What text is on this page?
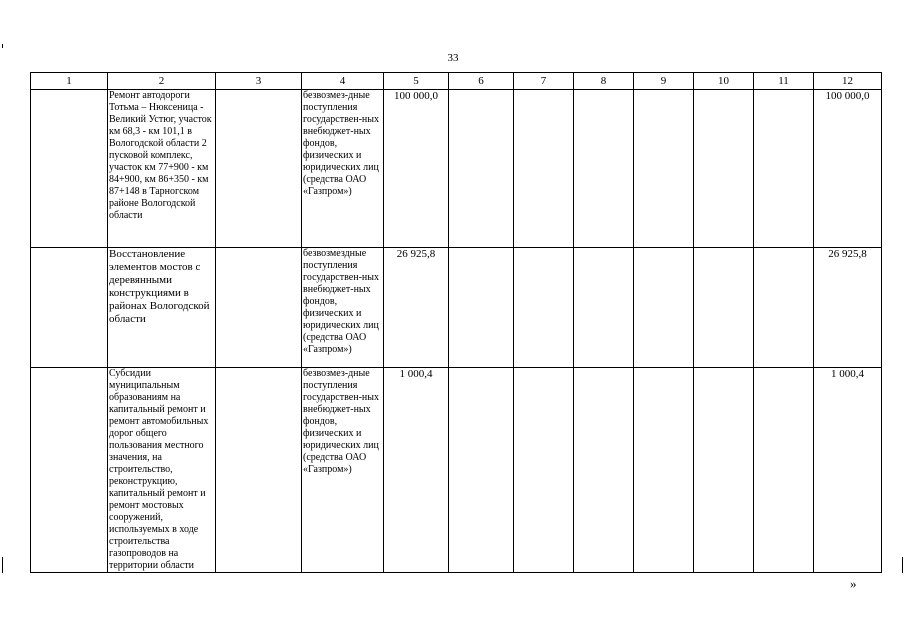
33
1	2	3	4	5	6	7	8	9	10	11	12
	Ремонт автодороги Тотьма – Нюксеница - Великий Устюг, участок км 68,3 - км 101,1 в Вологодской области 2 пусковой комплекс, участок км 77+900 - км 84+900, км 86+350 - км 87+148 в Тарногском районе Вологодской области		безвозмез-дные поступления государствен-ных внебюджет-ных фондов, физических и юридических лиц (средства ОАО «Газпром»)	100 000,0							100 000,0
	Восстановление элементов мостов с деревянными конструкциями в районах Вологодской области		безвозмездные поступления государствен-ных внебюджет-ных фондов, физических и юридических лиц (средства ОАО «Газпром»)	26 925,8							26 925,8
	Субсидии муниципальным образованиям на капитальный ремонт и ремонт автомобильных дорог общего пользования местного значения, на строительство, реконструкцию, капитальный ремонт и ремонт мостовых сооружений, используемых в ходе строительства газопроводов на территории области		безвозмез-дные поступления государствен-ных внебюджет-ных фондов, физических и юридических лиц (средства ОАО «Газпром»)	1 000,4							1 000,4
»
